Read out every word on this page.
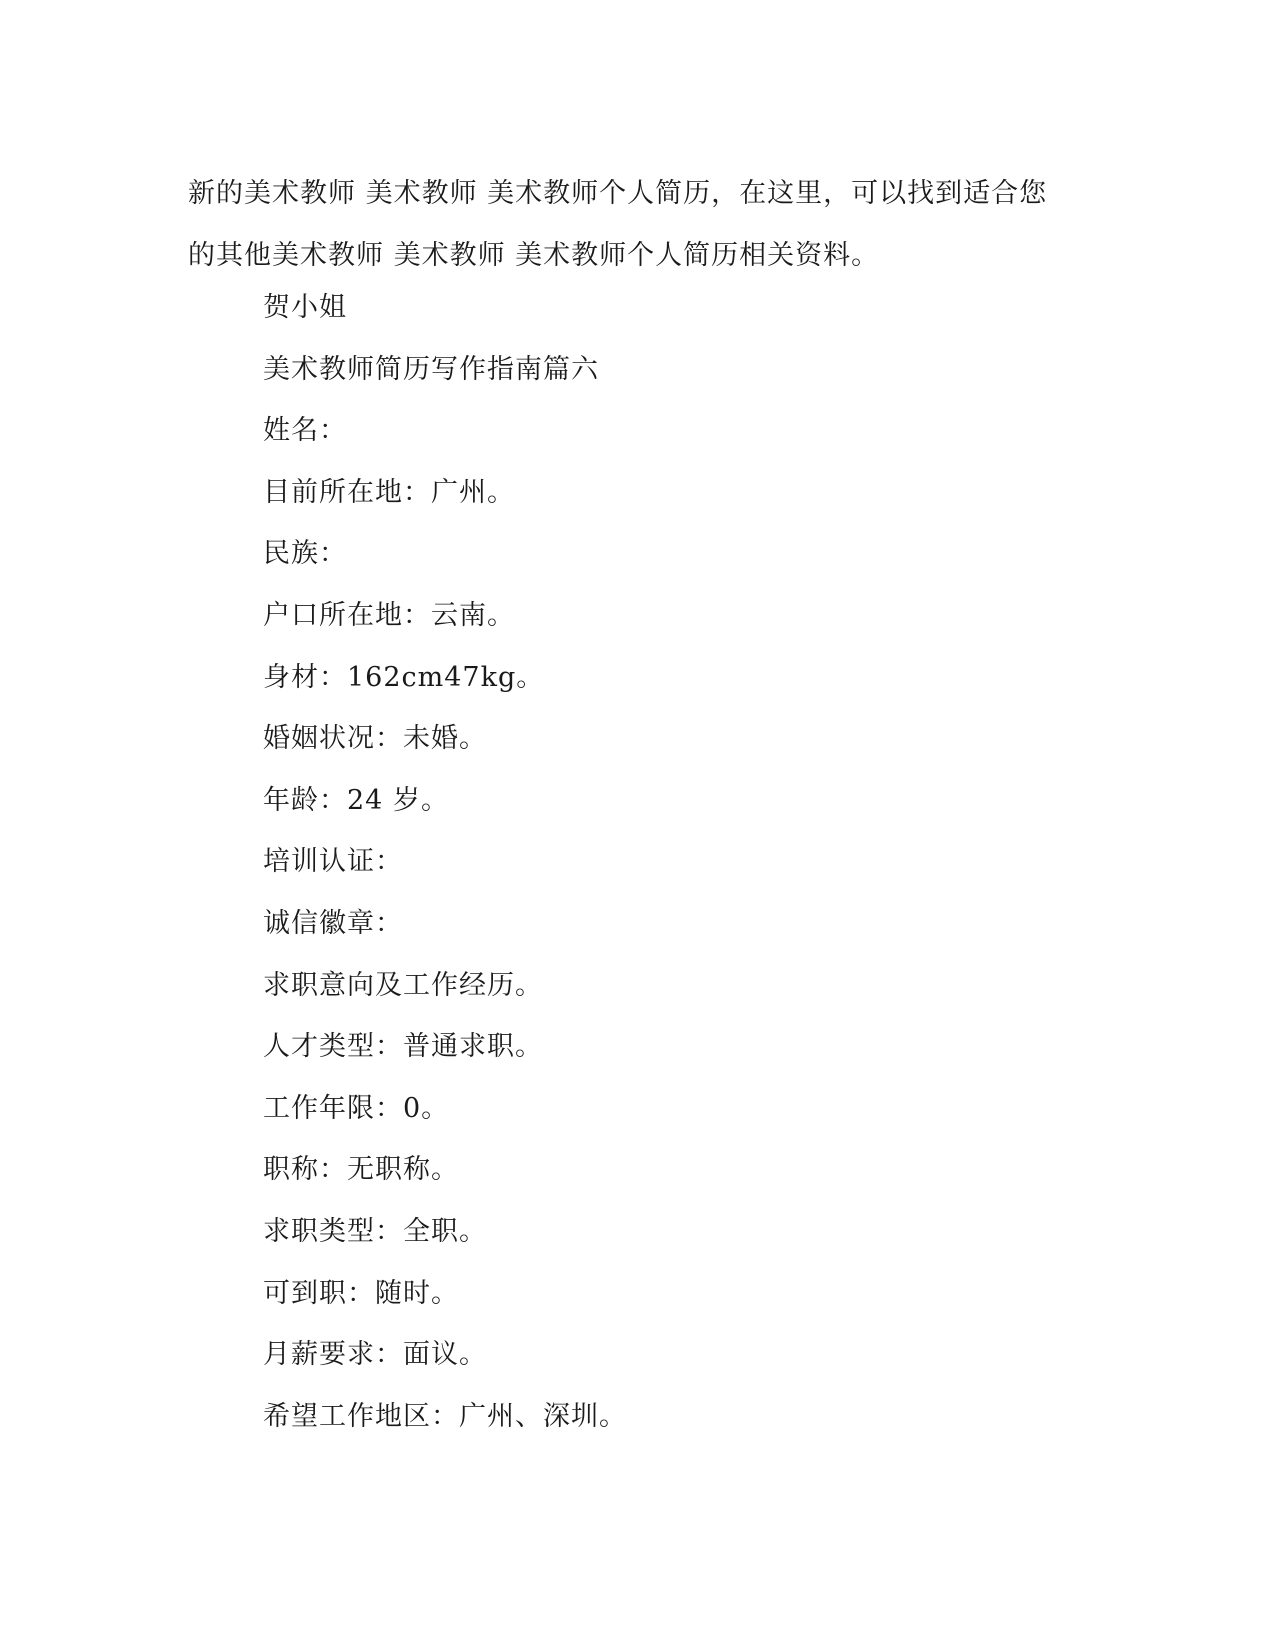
新的美术教师 美术教师 美术教师个人简历，在这里，可以找到适合您

的其他美术教师 美术教师 美术教师个人简历相关资料。

贺小姐

美术教师简历写作指南篇六

姓名：

目前所在地：广州。

民族：

户口所在地：云南。

身材：162cm47kg。

婚姻状况：未婚。

年龄：24 岁。

培训认证：

诚信徽章：

求职意向及工作经历。

人才类型：普通求职。

工作年限：0。

职称：无职称。

求职类型：全职。

可到职：随时。

月薪要求：面议。

希望工作地区：广州、深圳。
